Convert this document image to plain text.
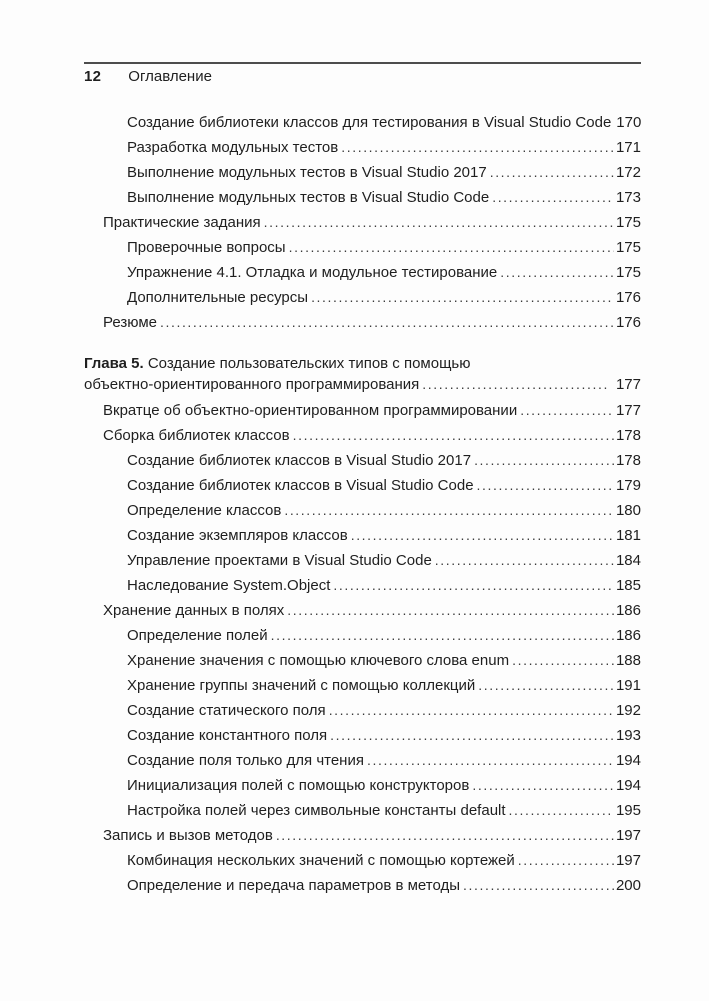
12 Оглавление
Создание библиотеки классов для тестирования в Visual Studio Code 170
Разработка модульных тестов .....	171
Выполнение модульных тестов в Visual Studio 2017 .....	172
Выполнение модульных тестов в Visual Studio Code .....	173
Практические задания .....	175
Проверочные вопросы .....	175
Упражнение 4.1. Отладка и модульное тестирование .....	175
Дополнительные ресурсы .....	176
Резюме .....	176
Глава 5. Создание пользовательских типов с помощью
объектно-ориентированного программирования .....	177
Вкратце об объектно-ориентированном программировании .....	177
Сборка библиотек классов .....	178
Создание библиотек классов в Visual Studio 2017 .....	178
Создание библиотек классов в Visual Studio Code .....	179
Определение классов .....	180
Создание экземпляров классов .....	181
Управление проектами в Visual Studio Code .....	184
Наследование System.Object .....	185
Хранение данных в полях .....	186
Определение полей .....	186
Хранение значения с помощью ключевого слова enum .....	188
Хранение группы значений с помощью коллекций .....	191
Создание статического поля .....	192
Создание константного поля .....	193
Создание поля только для чтения .....	194
Инициализация полей с помощью конструкторов .....	194
Настройка полей через символьные константы default .....	195
Запись и вызов методов .....	197
Комбинация нескольких значений с помощью кортежей .....	197
Определение и передача параметров в методы .....	200
